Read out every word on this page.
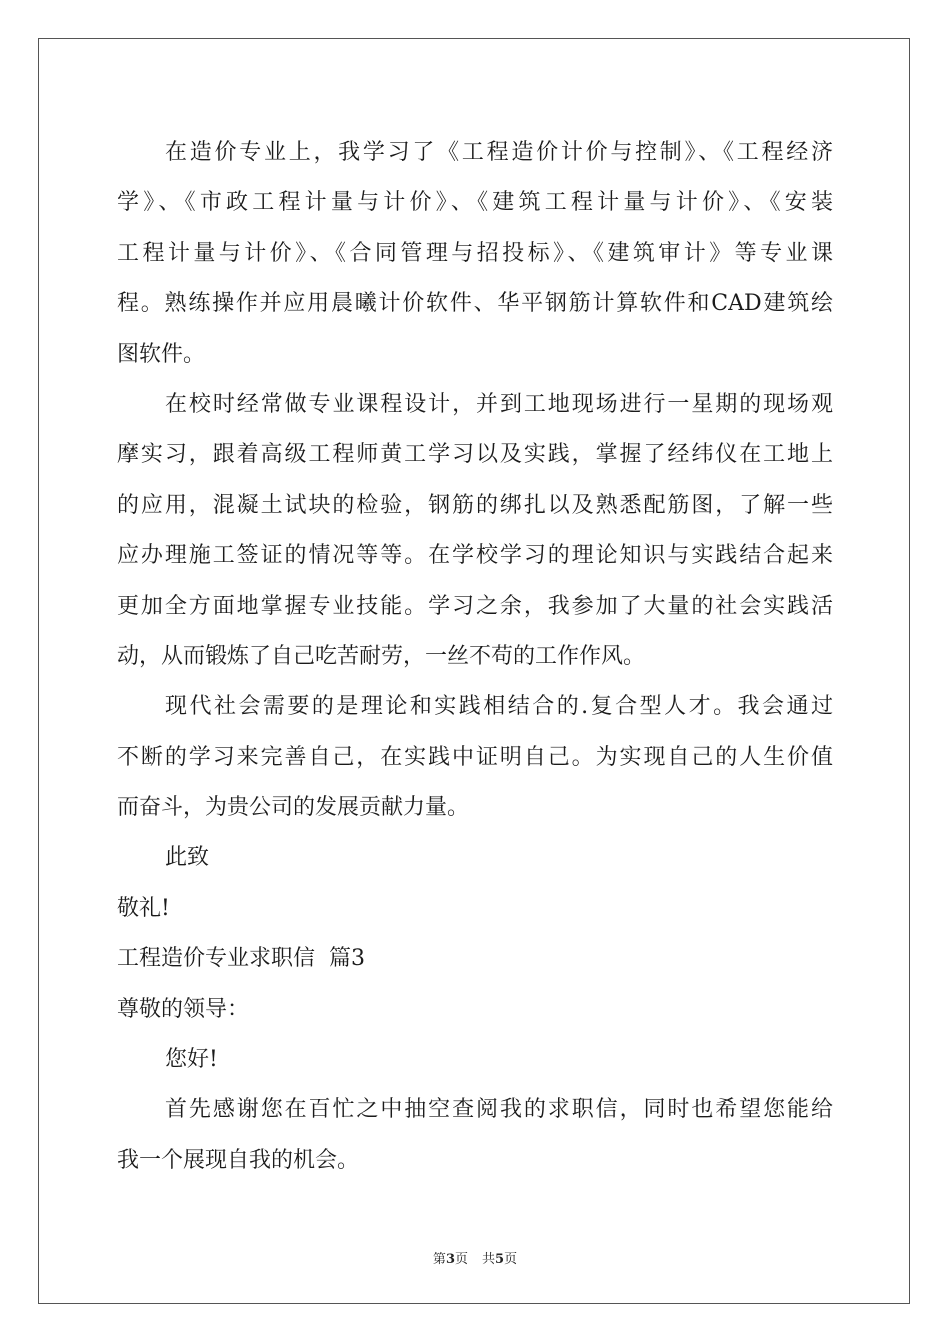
在造价专业上，我学习了《工程造价计价与控制》、《工程经济
学》、《市政工程计量与计价》、《建筑工程计量与计价》、《安装
工程计量与计价》、《合同管理与招投标》、《建筑审计》等专业课
程。熟练操作并应用晨曦计价软件、华平钢筋计算软件和CAD建筑绘
图软件。
在校时经常做专业课程设计，并到工地现场进行一星期的现场观
摩实习，跟着高级工程师黄工学习以及实践，掌握了经纬仪在工地上
的应用，混凝土试块的检验，钢筋的绑扎以及熟悉配筋图，了解一些
应办理施工签证的情况等等。在学校学习的理论知识与实践结合起来
更加全方面地掌握专业技能。学习之余，我参加了大量的社会实践活
动，从而锻炼了自己吃苦耐劳，一丝不苟的工作作风。
现代社会需要的是理论和实践相结合的.复合型人才。我会通过
不断的学习来完善自己，在实践中证明自己。为实现自己的人生价值
而奋斗，为贵公司的发展贡献力量。
此致
敬礼!
工程造价专业求职信  篇3
尊敬的领导：
您好!
首先感谢您在百忙之中抽空查阅我的求职信，同时也希望您能给
我一个展现自我的机会。
第3页 共5页
